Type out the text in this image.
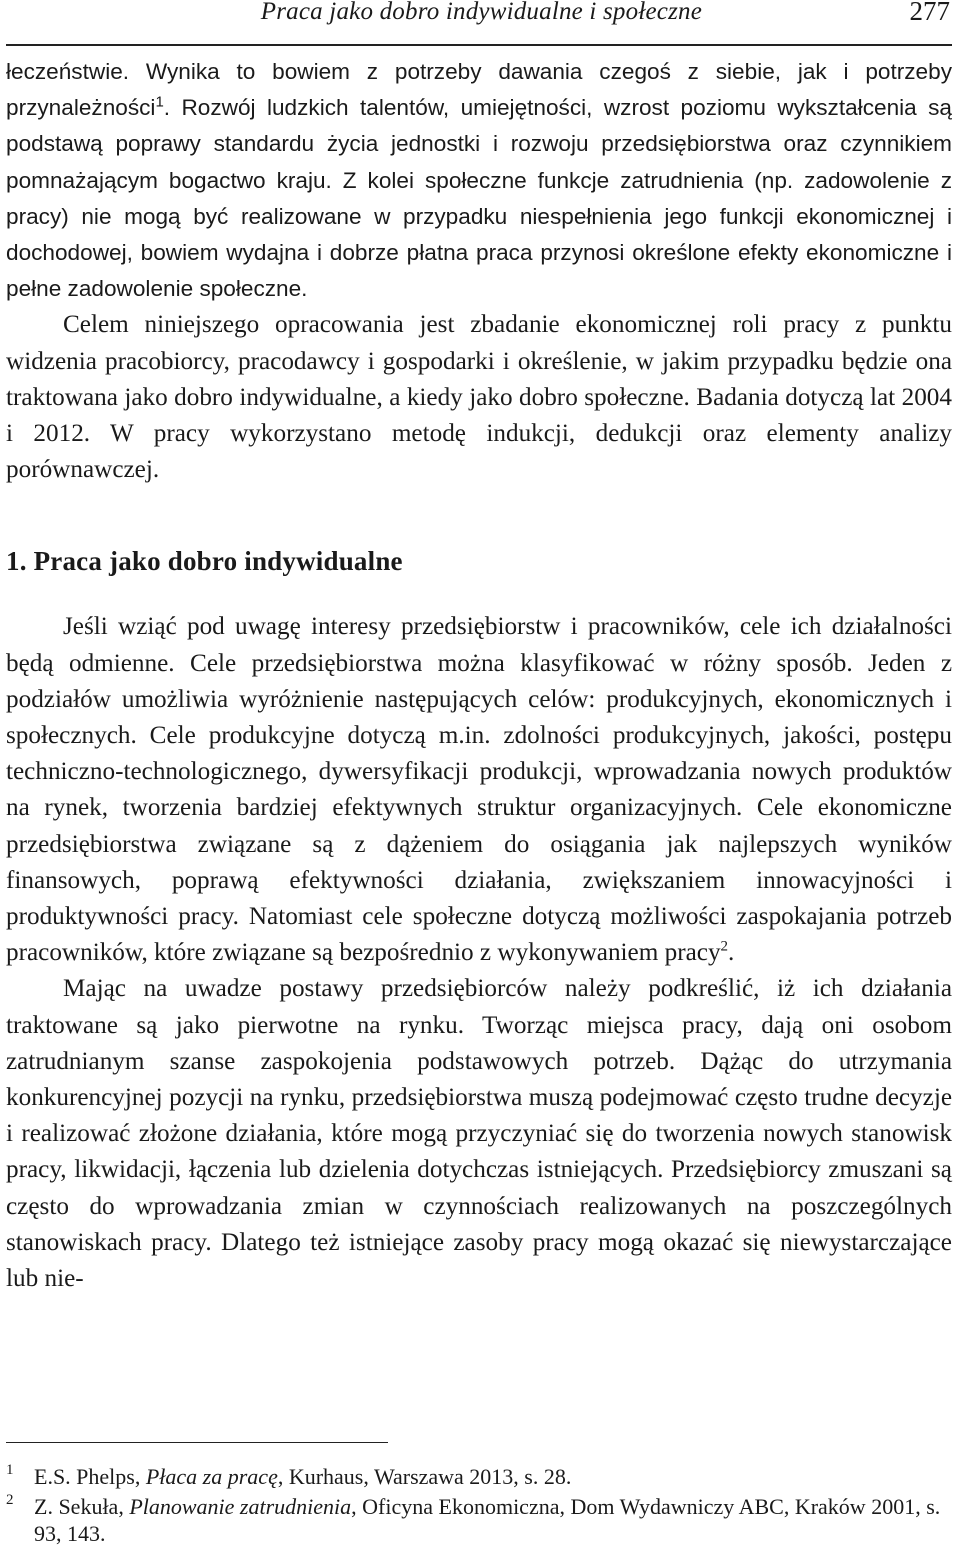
Praca jako dobro indywidualne i społeczne	277

łeczeństwie. Wynika to bowiem z potrzeby dawania czegoś z siebie, jak i potrzeby przynależności$^1$. Rozwój ludzkich talentów, umiejętności, wzrost poziomu wykształcenia są podstawą poprawy standardu życia jednostki i rozwoju przedsiębiorstwa oraz czynnikiem pomnażającym bogactwo kraju. Z kolei społeczne funkcje zatrudnienia (np. zadowolenie z pracy) nie mogą być realizowane w przypadku niespełnienia jego funkcji ekonomicznej i dochodowej, bowiem wydajna i dobrze płatna praca przynosi określone efekty ekonomiczne i pełne zadowolenie społeczne.

Celem niniejszego opracowania jest zbadanie ekonomicznej roli pracy z punktu widzenia pracobiorcy, pracodawcy i gospodarki i określenie, w jakim przypadku będzie ona traktowana jako dobro indywidualne, a kiedy jako dobro społeczne. Badania dotyczą lat 2004 i 2012. W pracy wykorzystano metodę indukcji, dedukcji oraz elementy analizy porównawczej.

1. Praca jako dobro indywidualne

Jeśli wziąć pod uwagę interesy przedsiębiorstw i pracowników, cele ich działalności będą odmienne. Cele przedsiębiorstwa można klasyfikować w różny sposób. Jeden z podziałów umożliwia wyróżnienie następujących celów: produkcyjnych, ekonomicznych i społecznych. Cele produkcyjne dotyczą m.in. zdolności produkcyjnych, jakości, postępu techniczno-technologicznego, dywersyfikacji produkcji, wprowadzania nowych produktów na rynek, tworzenia bardziej efektywnych struktur organizacyjnych. Cele ekonomiczne przedsiębiorstwa związane są z dążeniem do osiągania jak najlepszych wyników finansowych, poprawą efektywności działania, zwiększaniem innowacyjności i produktywności pracy. Natomiast cele społeczne dotyczą możliwości zaspokajania potrzeb pracowników, które związane są bezpośrednio z wykonywaniem pracy$^2$.

Mając na uwadze postawy przedsiębiorców należy podkreślić, iż ich działania traktowane są jako pierwotne na rynku. Tworząc miejsca pracy, dają oni osobom zatrudnianym szanse zaspokojenia podstawowych potrzeb. Dążąc do utrzymania konkurencyjnej pozycji na rynku, przedsiębiorstwa muszą podejmować często trudne decyzje i realizować złożone działania, które mogą przyczyniać się do tworzenia nowych stanowisk pracy, likwidacji, łączenia lub dzielenia dotychczas istniejących. Przedsiębiorcy zmuszani są często do wprowadzania zmian w czynnościach realizowanych na poszczególnych stanowiskach pracy. Dlatego też istniejące zasoby pracy mogą okazać się niewystarczające lub nie-

1 E.S. Phelps, Płaca za pracę, Kurhaus, Warszawa 2013, s. 28.
2 Z. Sekuła, Planowanie zatrudnienia, Oficyna Ekonomiczna, Dom Wydawniczy ABC, Kraków 2001, s. 93, 143.
